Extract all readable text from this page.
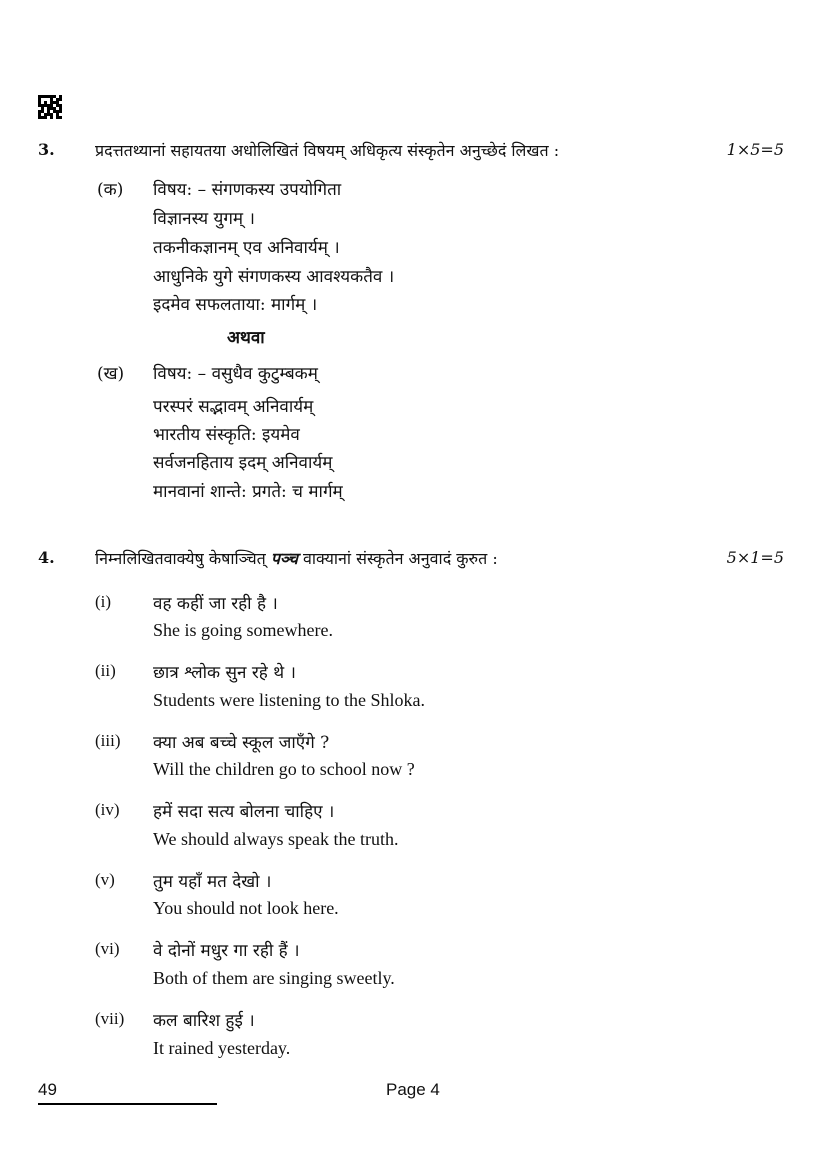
3.	प्रदत्ततथ्यानां सहायतया अधोलिखितं विषयम् अधिकृत्य संस्कृतेन अनुच्छेदं लिखत :	1×5=5
(क) विषय: – संगणकस्य उपयोगिता
विज्ञानस्य युगम् ।
तकनीकज्ञानम् एव अनिवार्यम् ।
आधुनिके युगे संगणकस्य आवश्यकतैव ।
इदमेव सफलताया: मार्गम् ।
अथवा
(ख) विषय: – वसुधैव कुटुम्बकम्
परस्परं सद्भावम् अनिवार्यम्
भारतीय संस्कृति: इयमेव
सर्वजनहिताय इदम् अनिवार्यम्
मानवानां शान्ते: प्रगते: च मार्गम्
4.	निम्नलिखितवाक्येषु केषाञ्चित् पञ्च वाक्यानां संस्कृतेन अनुवादं कुरुत :	5×1=5
(i) वह कहीं जा रही है ।
She is going somewhere.
(ii) छात्र श्लोक सुन रहे थे ।
Students were listening to the Shloka.
(iii) क्या अब बच्चे स्कूल जाएँगे ?
Will the children go to school now ?
(iv) हमें सदा सत्य बोलना चाहिए ।
We should always speak the truth.
(v) तुम यहाँ मत देखो ।
You should not look here.
(vi) वे दोनों मधुर गा रही हैं ।
Both of them are singing sweetly.
(vii) कल बारिश हुई ।
It rained yesterday.
49	Page 4
